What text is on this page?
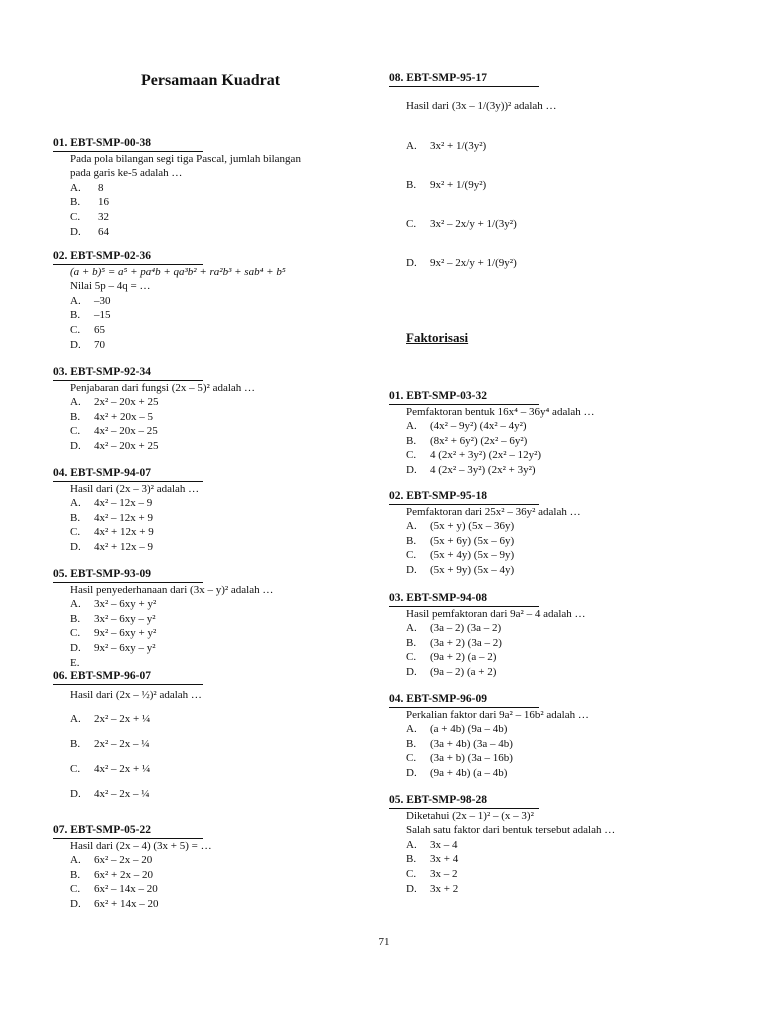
Persamaan Kuadrat
01. EBT-SMP-00-38
Pada pola bilangan segi tiga Pascal, jumlah bilangan
pada garis ke-5 adalah …
A.	8
B.	16
C.	32
D.	64
02. EBT-SMP-02-36
(a + b)⁵ = a⁵ + pa⁴b + qa³b² + ra²b³ + sab⁴ + b⁵
Nilai 5p – 4q = …
A.	–30
B.	–15
C.	65
D.	70
03. EBT-SMP-92-34
Penjabaran dari fungsi (2x – 5)² adalah …
A.	2x² – 20x + 25
B.	4x² + 20x – 5
C.	4x² – 20x – 25
D.	4x² – 20x + 25
04. EBT-SMP-94-07
Hasil dari (2x – 3)² adalah …
A.	4x² – 12x – 9
B.	4x² – 12x + 9
C.	4x² + 12x + 9
D.	4x² + 12x – 9
05. EBT-SMP-93-09
Hasil penyederhanaan dari (3x – y)² adalah …
A.	3x² – 6xy + y²
B.	3x² – 6xy – y²
C.	9x² – 6xy + y²
D.	9x² – 6xy – y²
E.
06. EBT-SMP-96-07
Hasil dari (2x – ½)² adalah …
A.	2x² – 2x + ¼
B.	2x² – 2x – ¼
C.	4x² – 2x + ¼
D.	4x² – 2x – ¼
07. EBT-SMP-05-22
Hasil dari (2x – 4) (3x + 5) = …
A.	6x² – 2x – 20
B.	6x² + 2x – 20
C.	6x² – 14x – 20
D.	6x² + 14x – 20
08. EBT-SMP-95-17
Hasil dari (3x – 1/(3y))² adalah …
A.	3x² + 1/(3y²)
B.	9x² + 1/(9y²)
C.	3x² – 2x/y + 1/(3y²)
D.	9x² – 2x/y + 1/(9y²)
Faktorisasi
01. EBT-SMP-03-32
Pemfaktoran bentuk 16x⁴ – 36y⁴ adalah …
A.	(4x² – 9y²) (4x² – 4y²)
B.	(8x² + 6y²) (2x² – 6y²)
C.	4 (2x² + 3y²) (2x² – 12y²)
D.	4 (2x² – 3y²) (2x² + 3y²)
02. EBT-SMP-95-18
Pemfaktoran dari 25x² – 36y² adalah …
A.	(5x + y) (5x – 36y)
B.	(5x + 6y) (5x – 6y)
C.	(5x + 4y) (5x – 9y)
D.	(5x + 9y) (5x – 4y)
03. EBT-SMP-94-08
Hasil pemfaktoran dari 9a² – 4 adalah …
A.	(3a – 2) (3a – 2)
B.	(3a + 2) (3a – 2)
C.	(9a + 2) (a – 2)
D.	(9a – 2) (a + 2)
04. EBT-SMP-96-09
Perkalian faktor dari 9a² – 16b² adalah …
A.	(a + 4b) (9a – 4b)
B.	(3a + 4b) (3a – 4b)
C.	(3a + b) (3a – 16b)
D.	(9a + 4b) (a – 4b)
05. EBT-SMP-98-28
Diketahui (2x – 1)² – (x – 3)²
Salah satu faktor dari bentuk tersebut adalah …
A.	3x – 4
B.	3x + 4
C.	3x – 2
D.	3x + 2
71
